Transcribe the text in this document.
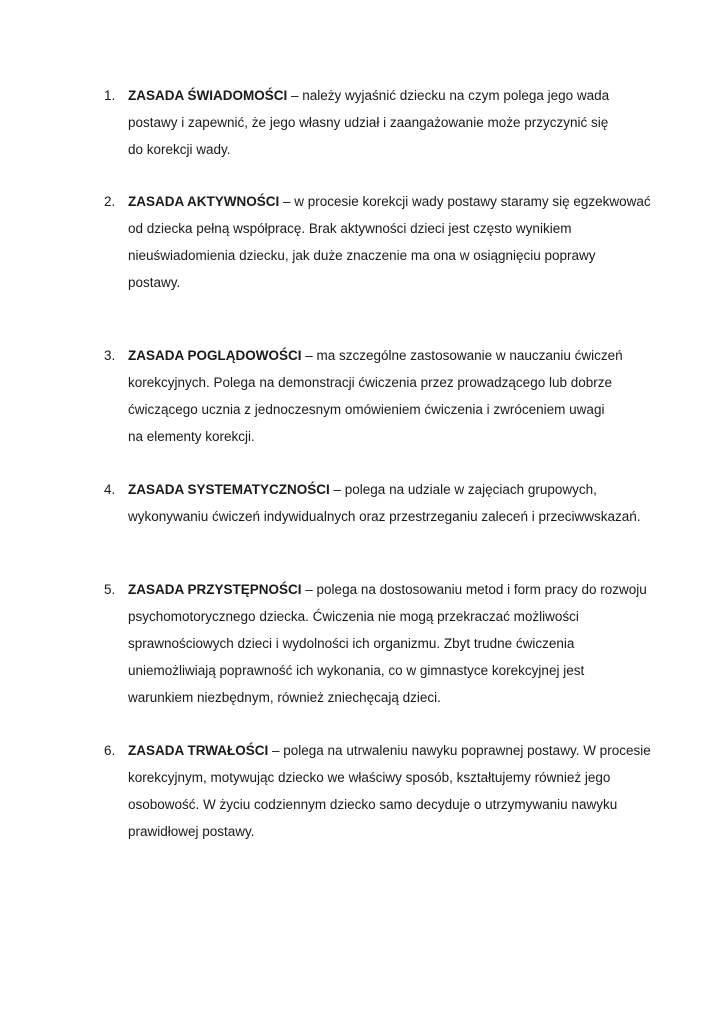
1. ZASADA ŚWIADOMOŚCI – należy wyjaśnić dziecku na czym polega jego wada
postawy i zapewnić, że jego własny udział i zaangażowanie może przyczynić się
do korekcji wady.
2. ZASADA AKTYWNOŚCI – w procesie korekcji wady postawy staramy się egzekwować
od dziecka pełną współpracę. Brak aktywności dzieci jest często wynikiem
nieuświadomienia dziecku, jak duże znaczenie ma ona w osiągnięciu poprawy
postawy.
3. ZASADA POGLĄDOWOŚCI – ma szczególne zastosowanie w nauczaniu ćwiczeń
korekcyjnych. Polega na demonstracji ćwiczenia przez prowadzącego lub dobrze
ćwiczącego ucznia z jednoczesnym omówieniem ćwiczenia i zwróceniem uwagi
na elementy korekcji.
4. ZASADA SYSTEMATYCZNOŚCI – polega na udziale w zajęciach grupowych,
wykonywaniu ćwiczeń indywidualnych oraz przestrzeganiu zaleceń i przeciwwskazań.
5. ZASADA PRZYSTĘPNOŚCI – polega na dostosowaniu metod i form pracy do rozwoju
psychomotorycznego dziecka. Ćwiczenia nie mogą przekraczać możliwości
sprawnościowych dzieci i wydolności ich organizmu. Zbyt trudne ćwiczenia
uniemożliwiają poprawność ich wykonania, co w gimnastyce korekcyjnej jest
warunkiem niezbędnym, również zniechęcają dzieci.
6. ZASADA TRWAŁOŚCI – polega na utrwaleniu nawyku poprawnej postawy. W procesie
korekcyjnym, motywując dziecko we właściwy sposób, kształtujemy również jego
osobowość. W życiu codziennym dziecko samo decyduje o utrzymywaniu nawyku
prawidłowej postawy.
